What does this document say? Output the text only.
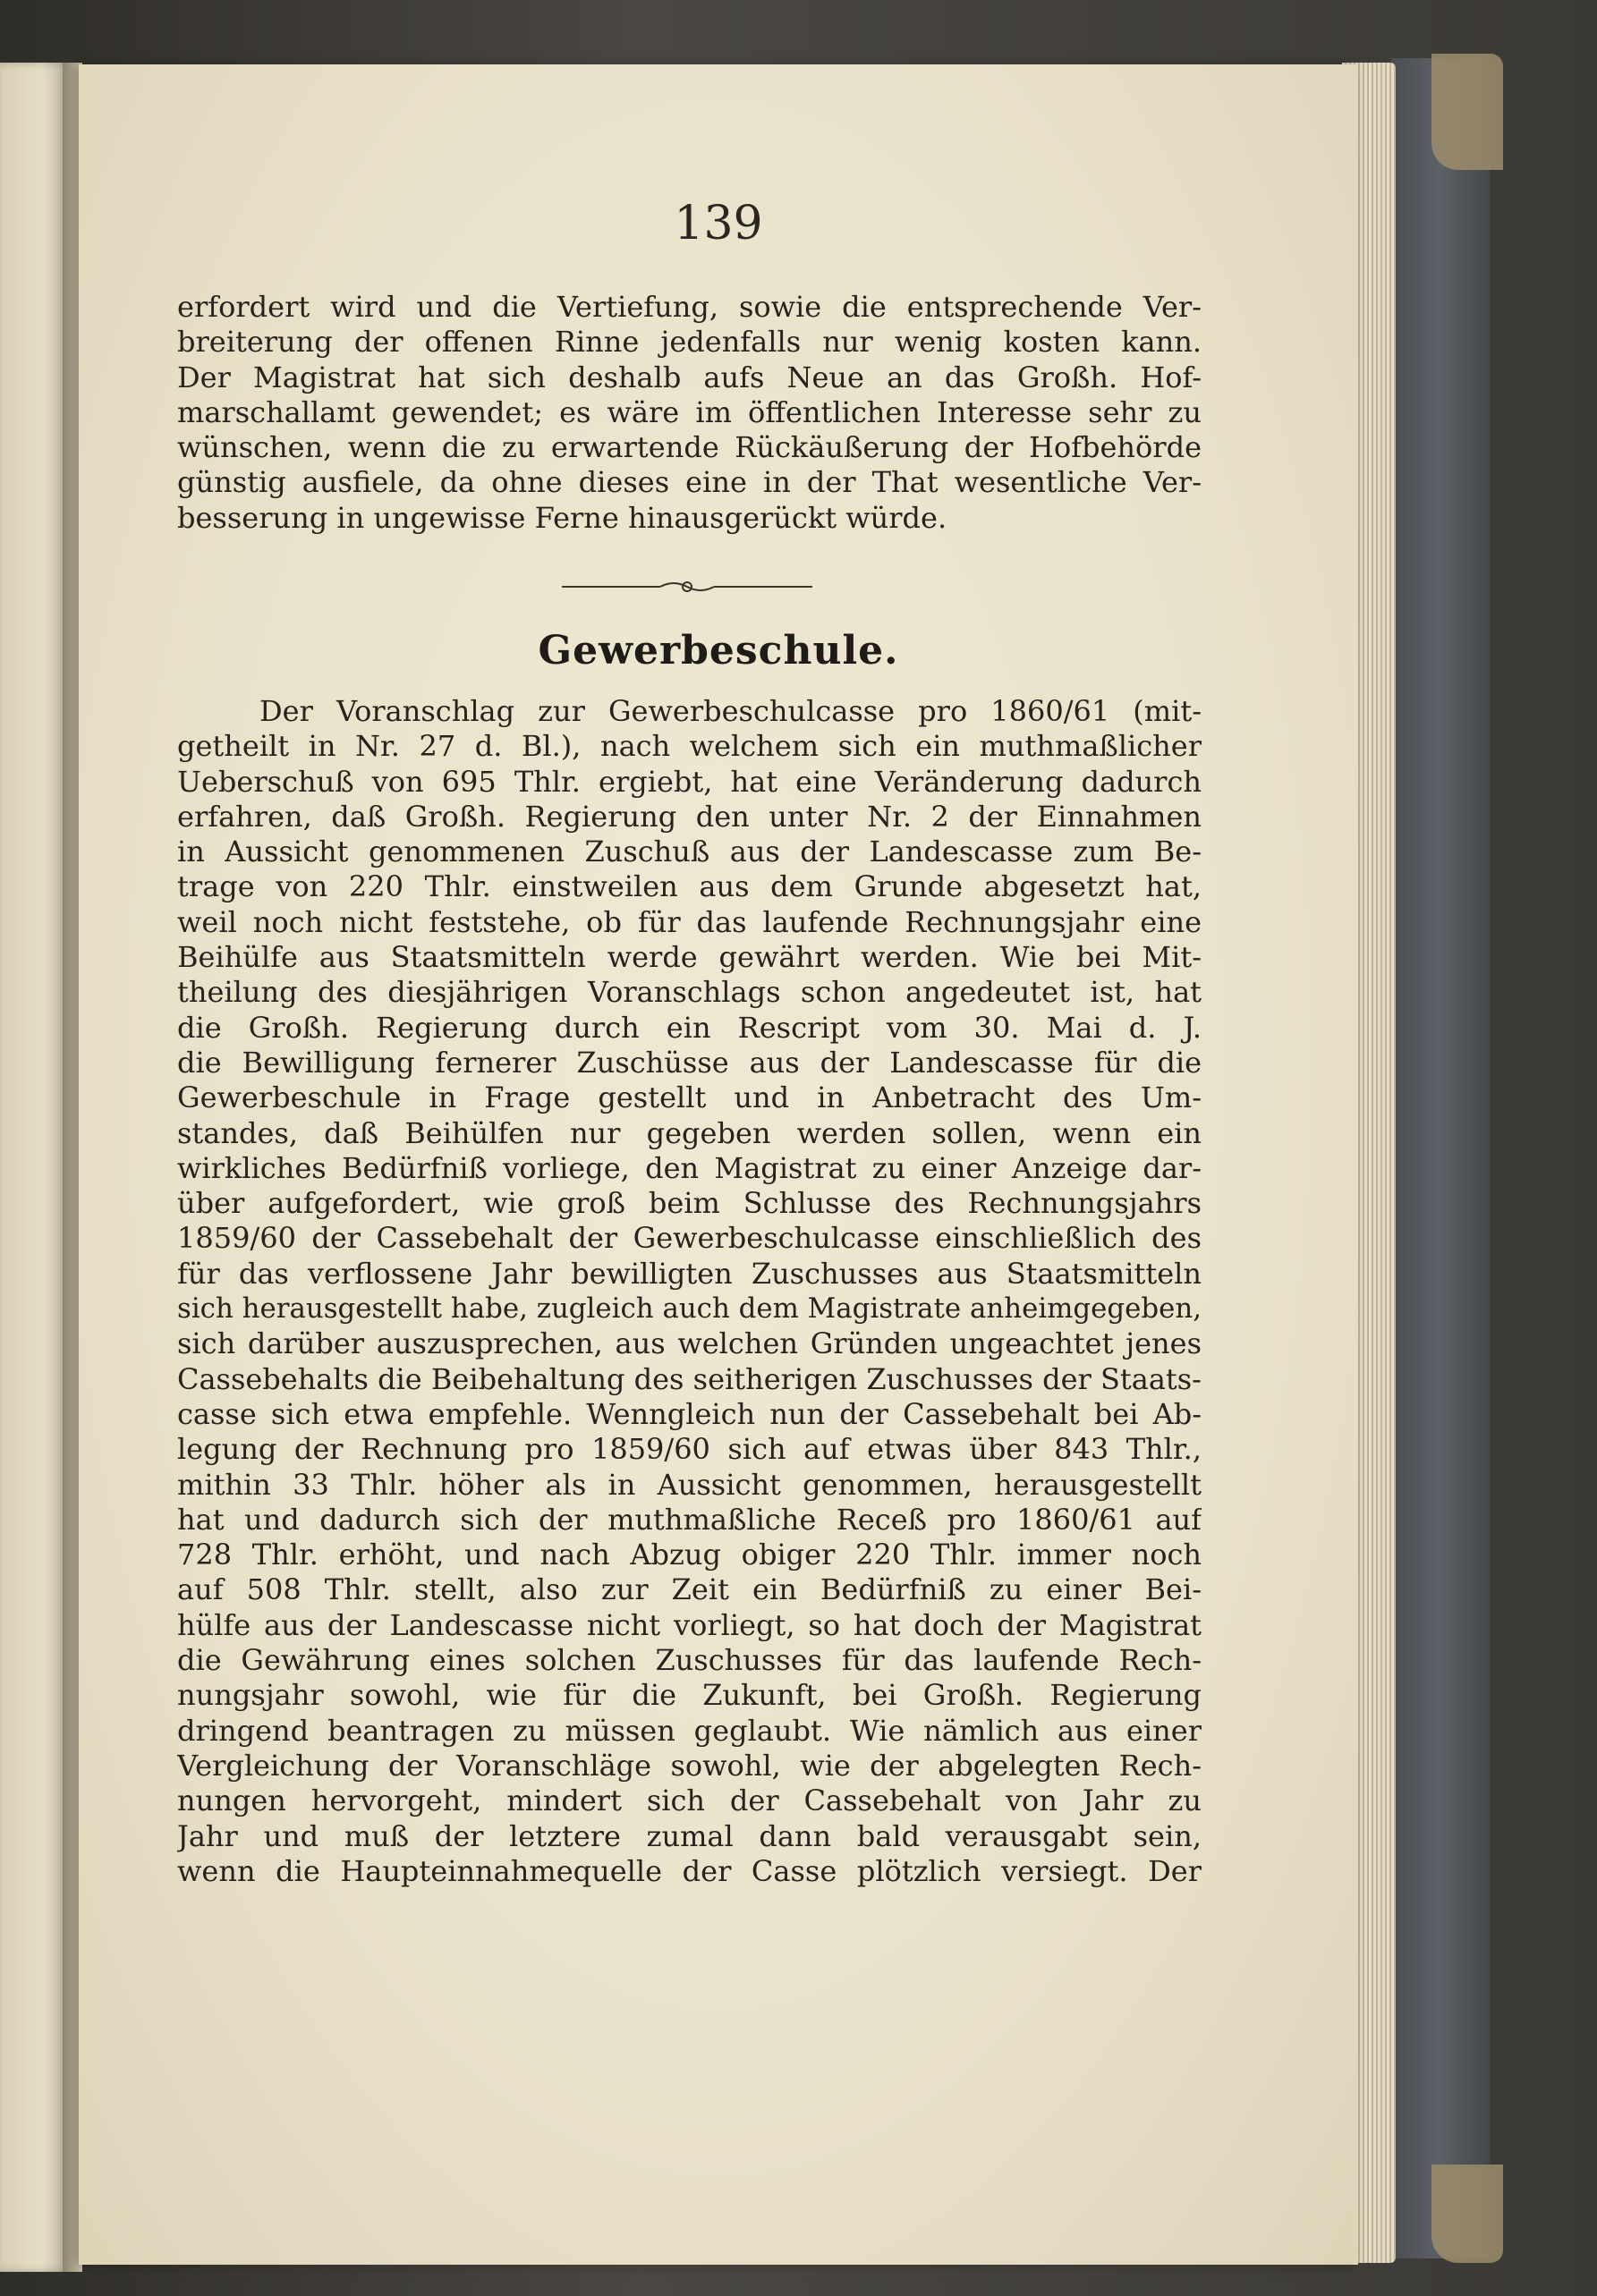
139
erfordert wird und die Vertiefung, sowie die entsprechende Ver-
breiterung der offenen Rinne jedenfalls nur wenig kosten kann.
Der Magistrat hat sich deshalb aufs Neue an das Großh. Hof-
marschallamt gewendet; es wäre im öffentlichen Interesse sehr zu
wünschen, wenn die zu erwartende Rückäußerung der Hofbehörde
günstig ausfiele, da ohne dieses eine in der That wesentliche Ver-
besserung in ungewisse Ferne hinausgerückt würde.
Gewerbeschule.
Der Voranschlag zur Gewerbeschulcasse pro 1860/61 (mit-
getheilt in Nr. 27 d. Bl.), nach welchem sich ein muthmaßlicher
Ueberschuß von 695 Thlr. ergiebt, hat eine Veränderung dadurch
erfahren, daß Großh. Regierung den unter Nr. 2 der Einnahmen
in Aussicht genommenen Zuschuß aus der Landescasse zum Be-
trage von 220 Thlr. einstweilen aus dem Grunde abgesetzt hat,
weil noch nicht feststehe, ob für das laufende Rechnungsjahr eine
Beihülfe aus Staatsmitteln werde gewährt werden. Wie bei Mit-
theilung des diesjährigen Voranschlags schon angedeutet ist, hat
die Großh. Regierung durch ein Rescript vom 30. Mai d. J.
die Bewilligung fernerer Zuschüsse aus der Landescasse für die
Gewerbeschule in Frage gestellt und in Anbetracht des Um-
standes, daß Beihülfen nur gegeben werden sollen, wenn ein
wirkliches Bedürfniß vorliege, den Magistrat zu einer Anzeige dar-
über aufgefordert, wie groß beim Schlusse des Rechnungsjahrs
1859/60 der Cassebehalt der Gewerbeschulcasse einschließlich des
für das verflossene Jahr bewilligten Zuschusses aus Staatsmitteln
sich herausgestellt habe, zugleich auch dem Magistrate anheimgegeben,
sich darüber auszusprechen, aus welchen Gründen ungeachtet jenes
Cassebehalts die Beibehaltung des seitherigen Zuschusses der Staats-
casse sich etwa empfehle. Wenngleich nun der Cassebehalt bei Ab-
legung der Rechnung pro 1859/60 sich auf etwas über 843 Thlr.,
mithin 33 Thlr. höher als in Aussicht genommen, herausgestellt
hat und dadurch sich der muthmaßliche Receß pro 1860/61 auf
728 Thlr. erhöht, und nach Abzug obiger 220 Thlr. immer noch
auf 508 Thlr. stellt, also zur Zeit ein Bedürfniß zu einer Bei-
hülfe aus der Landescasse nicht vorliegt, so hat doch der Magistrat
die Gewährung eines solchen Zuschusses für das laufende Rech-
nungsjahr sowohl, wie für die Zukunft, bei Großh. Regierung
dringend beantragen zu müssen geglaubt. Wie nämlich aus einer
Vergleichung der Voranschläge sowohl, wie der abgelegten Rech-
nungen hervorgeht, mindert sich der Cassebehalt von Jahr zu
Jahr und muß der letztere zumal dann bald verausgabt sein,
wenn die Haupteinnahmequelle der Casse plötzlich versiegt. Der
